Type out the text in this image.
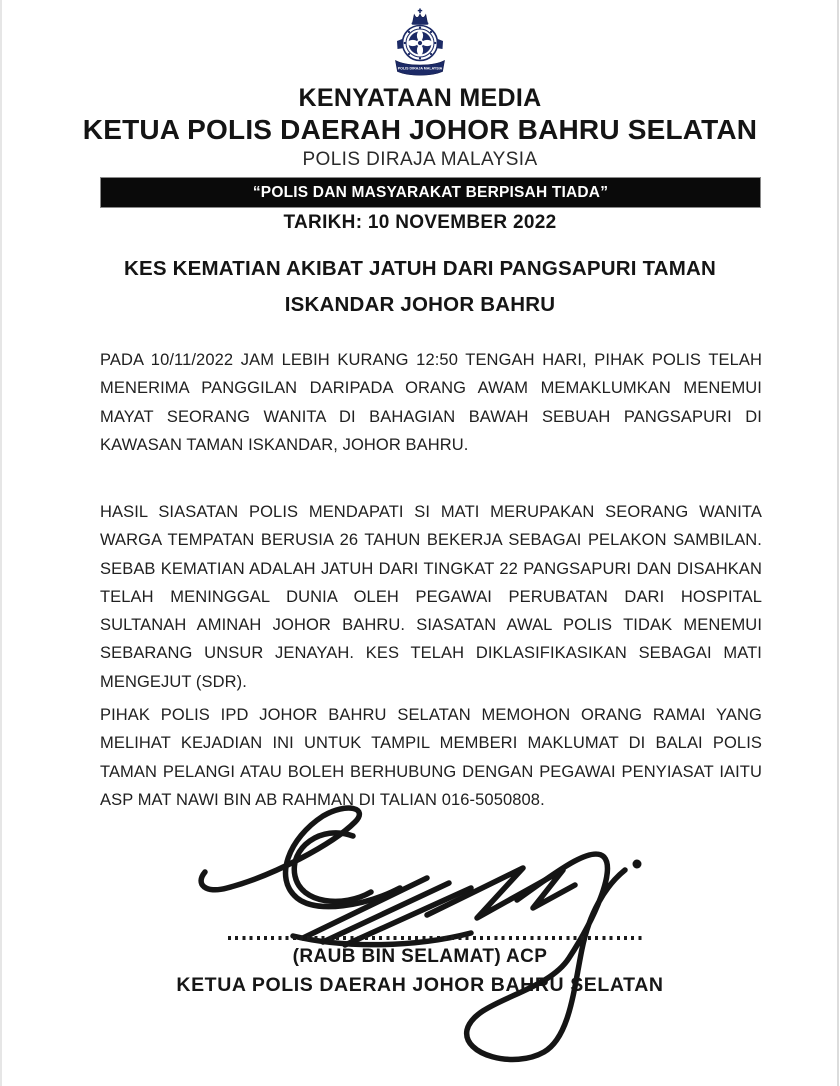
POLIS DIRAJA MALAYSIA
KENYATAAN MEDIA
KETUA POLIS DAERAH JOHOR BAHRU SELATAN
POLIS DIRAJA MALAYSIA
“POLIS DAN MASYARAKAT BERPISAH TIADA”
TARIKH: 10 NOVEMBER 2022
KES KEMATIAN AKIBAT JATUH DARI PANGSAPURI TAMAN ISKANDAR JOHOR BAHRU

PADA 10/11/2022 JAM LEBIH KURANG 12:50 TENGAH HARI, PIHAK POLIS TELAH MENERIMA PANGGILAN DARIPADA ORANG AWAM MEMAKLUMKAN MENEMUI MAYAT SEORANG WANITA DI BAHAGIAN BAWAH SEBUAH PANGSAPURI DI KAWASAN TAMAN ISKANDAR, JOHOR BAHRU.

HASIL SIASATAN POLIS MENDAPATI SI MATI MERUPAKAN SEORANG WANITA WARGA TEMPATAN BERUSIA 26 TAHUN BEKERJA SEBAGAI PELAKON SAMBILAN. SEBAB KEMATIAN ADALAH JATUH DARI TINGKAT 22 PANGSAPURI DAN DISAHKAN TELAH MENINGGAL DUNIA OLEH PEGAWAI PERUBATAN DARI HOSPITAL SULTANAH AMINAH JOHOR BAHRU. SIASATAN AWAL POLIS TIDAK MENEMUI SEBARANG UNSUR JENAYAH. KES TELAH DIKLASIFIKASIKAN SEBAGAI MATI MENGEJUT (SDR).

PIHAK POLIS IPD JOHOR BAHRU SELATAN MEMOHON ORANG RAMAI YANG MELIHAT KEJADIAN INI UNTUK TAMPIL MEMBERI MAKLUMAT DI BALAI POLIS TAMAN PELANGI ATAU BOLEH BERHUBUNG DENGAN PEGAWAI PENYIASAT IAITU ASP MAT NAWI BIN AB RAHMAN DI TALIAN 016-5050808.

(RAUB BIN SELAMAT) ACP
KETUA POLIS DAERAH JOHOR BAHRU SELATAN
